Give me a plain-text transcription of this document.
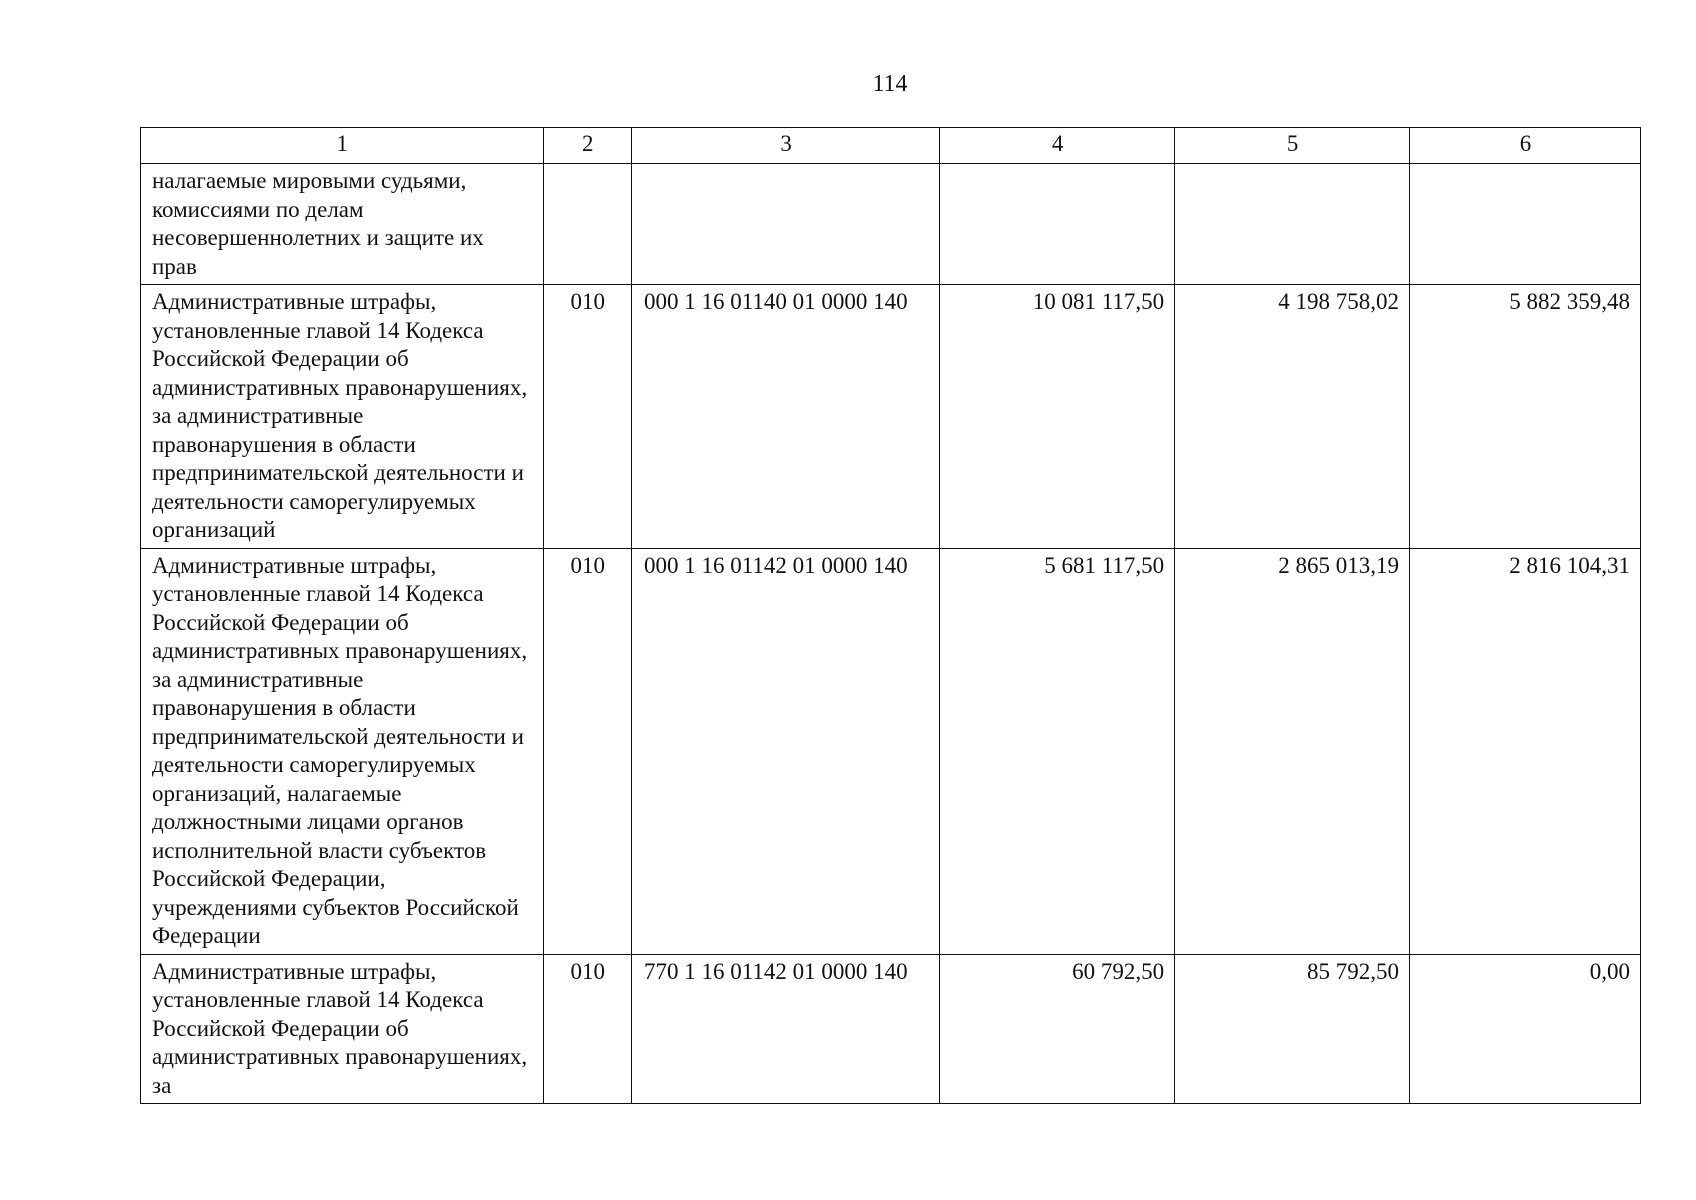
114
1	2	3	4	5	6
налагаемые мировыми судьями, комиссиями по делам несовершеннолетних и защите их прав					
Административные штрафы, установленные главой 14 Кодекса Российской Федерации об административных правонарушениях, за административные правонарушения в области предпринимательской деятельности и деятельности саморегулируемых организаций	010	000 1 16 01140 01 0000 140	10 081 117,50	4 198 758,02	5 882 359,48
Административные штрафы, установленные главой 14 Кодекса Российской Федерации об административных правонарушениях, за административные правонарушения в области предпринимательской деятельности и деятельности саморегулируемых организаций, налагаемые должностными лицами органов исполнительной власти субъектов Российской Федерации, учреждениями субъектов Российской Федерации	010	000 1 16 01142 01 0000 140	5 681 117,50	2 865 013,19	2 816 104,31
Административные штрафы, установленные главой 14 Кодекса Российской Федерации об административных правонарушениях, за	010	770 1 16 01142 01 0000 140	60 792,50	85 792,50	0,00
